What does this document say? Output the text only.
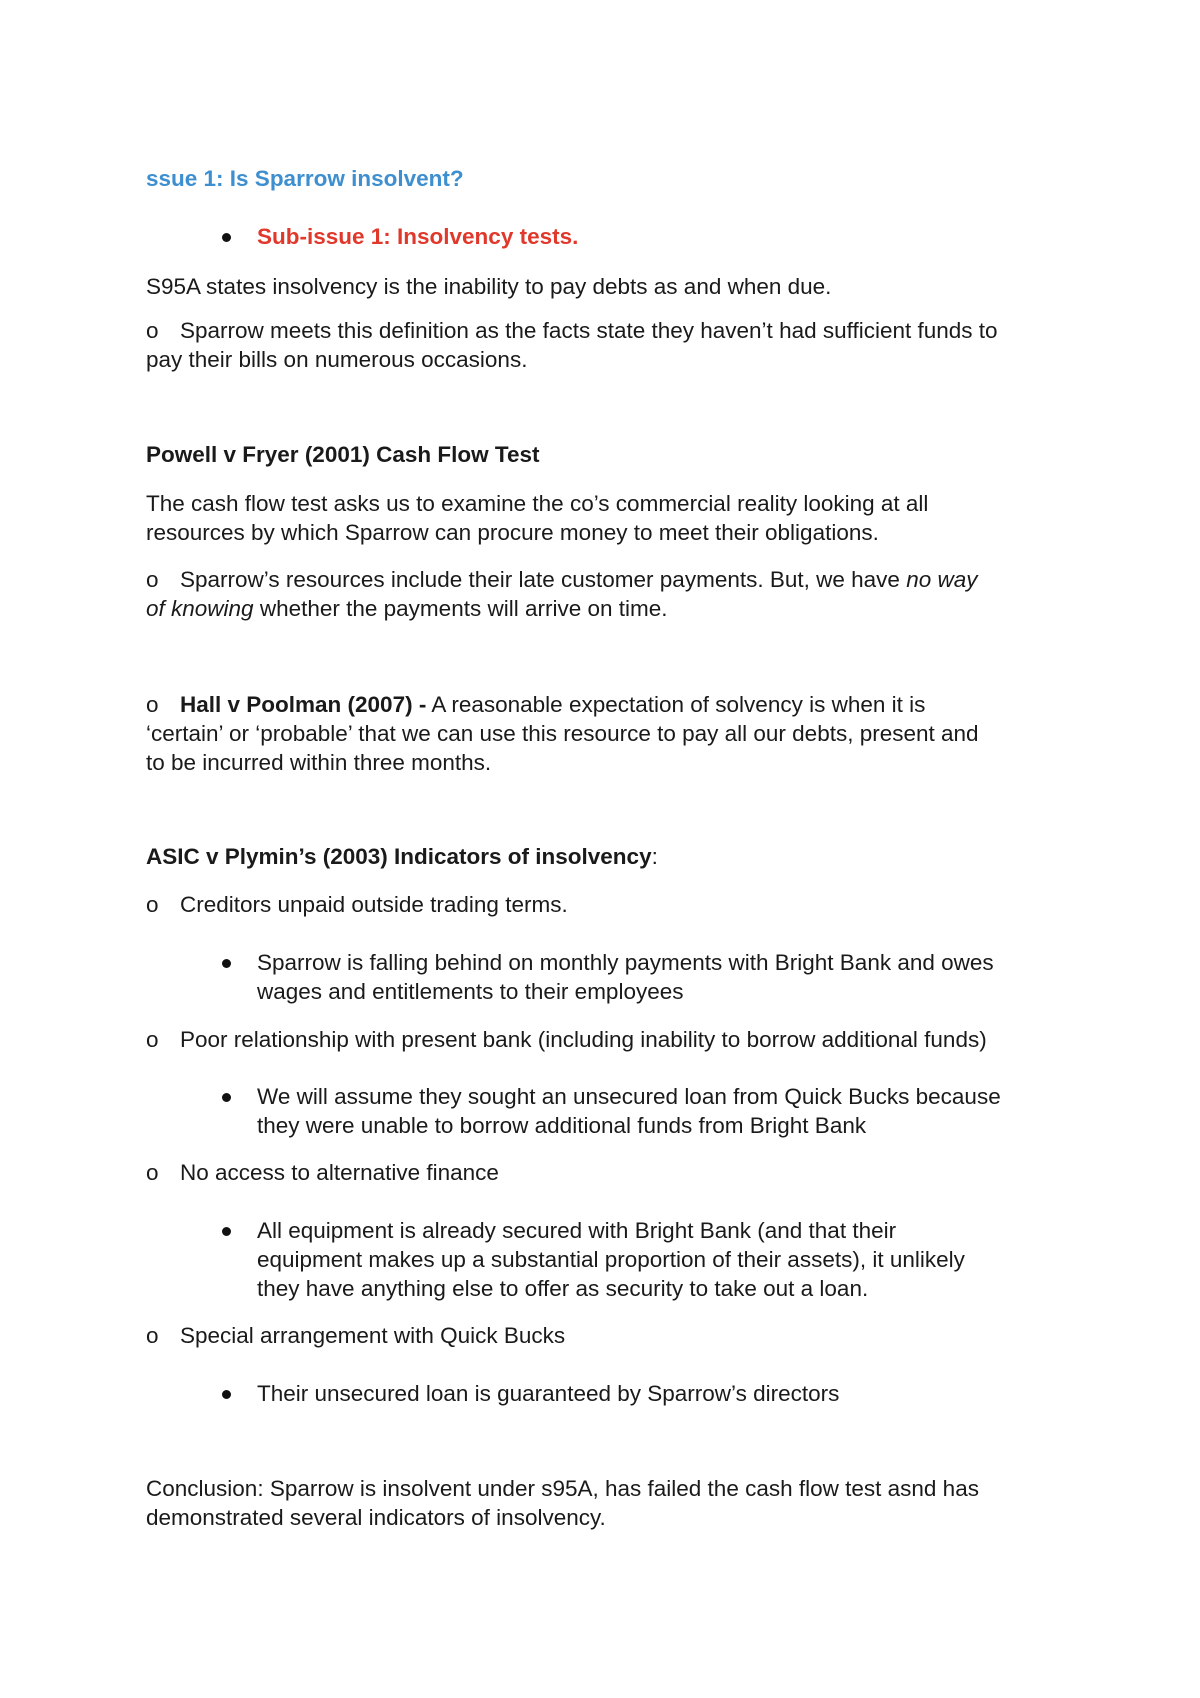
ssue 1: Is Sparrow insolvent?

Sub-issue 1: Insolvency tests.

S95A states insolvency is the inability to pay debts as and when due.

o Sparrow meets this definition as the facts state they haven’t had sufficient funds to

pay their bills on numerous occasions.

Powell v Fryer (2001) Cash Flow Test

The cash flow test asks us to examine the co’s commercial reality looking at all

resources by which Sparrow can procure money to meet their obligations.

o Sparrow’s resources include their late customer payments. But, we have no way

of knowing whether the payments will arrive on time.

o Hall v Poolman (2007) - A reasonable expectation of solvency is when it is

‘certain’ or ‘probable’ that we can use this resource to pay all our debts, present and

to be incurred within three months.

ASIC v Plymin’s (2003) Indicators of insolvency:

o Creditors unpaid outside trading terms.

Sparrow is falling behind on monthly payments with Bright Bank and owes

wages and entitlements to their employees

o Poor relationship with present bank (including inability to borrow additional funds)

We will assume they sought an unsecured loan from Quick Bucks because

they were unable to borrow additional funds from Bright Bank

o No access to alternative finance

All equipment is already secured with Bright Bank (and that their

equipment makes up a substantial proportion of their assets), it unlikely

they have anything else to offer as security to take out a loan.

o Special arrangement with Quick Bucks

Their unsecured loan is guaranteed by Sparrow’s directors

Conclusion: Sparrow is insolvent under s95A, has failed the cash flow test asnd has

demonstrated several indicators of insolvency.
